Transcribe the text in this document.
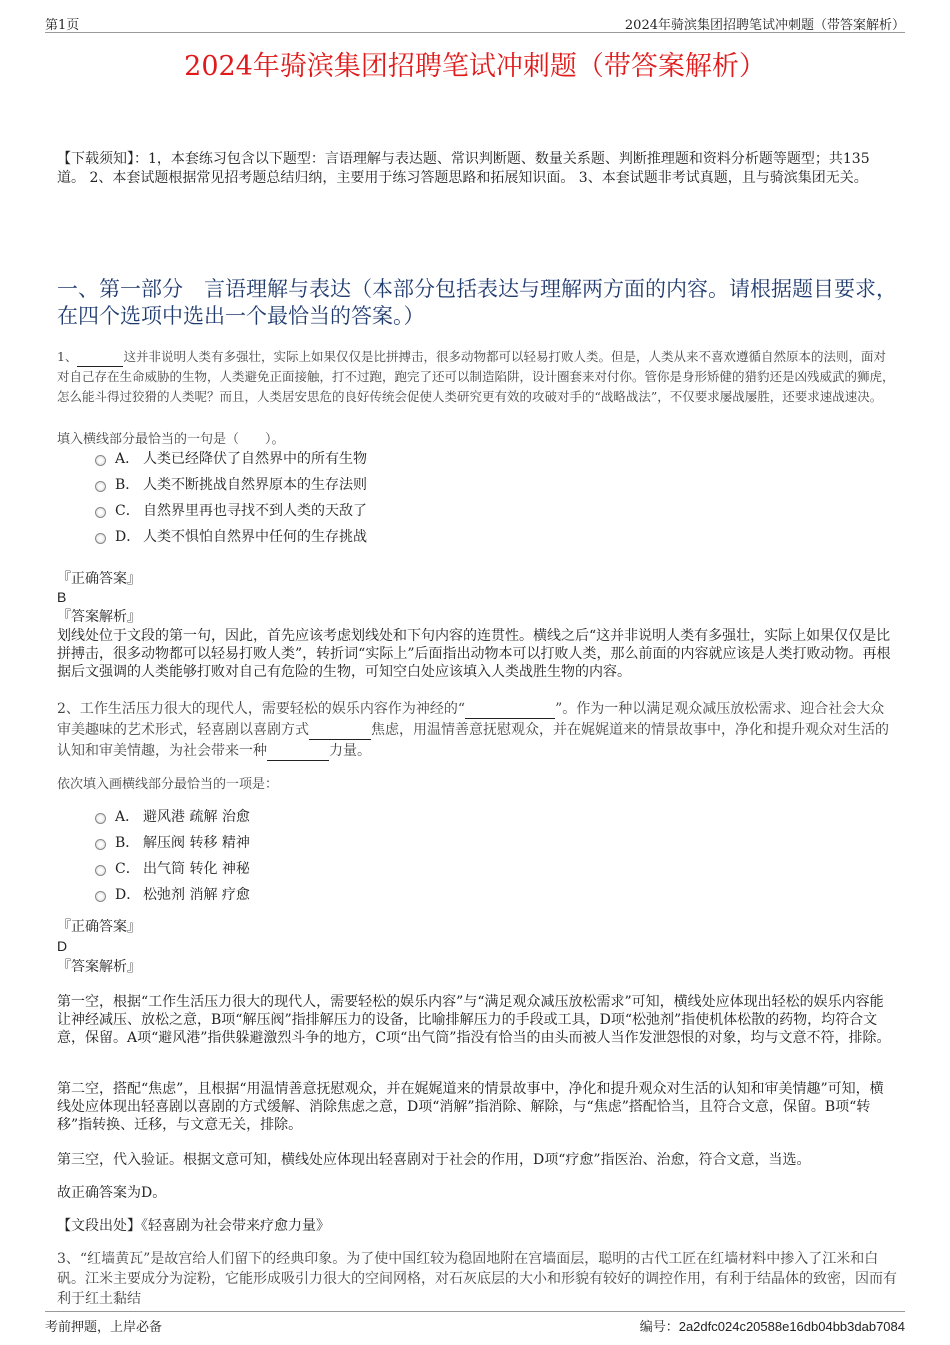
第1页	2024年骑滨集团招聘笔试冲刺题（带答案解析）
2024年骑滨集团招聘笔试冲刺题（带答案解析）
【下载须知】：1，本套练习包含以下题型：言语理解与表达题、常识判断题、数量关系题、判断推理题和资料分析题等题型；共135道。 2、本套试题根据常见招考题总结归纳，主要用于练习答题思路和拓展知识面。 3、本套试题非考试真题，且与骑滨集团无关。
一、第一部分　言语理解与表达（本部分包括表达与理解两方面的内容。请根据题目要求，在四个选项中选出一个最恰当的答案。）
1、	这并非说明人类有多强壮，实际上如果仅仅是比拼搏击，很多动物都可以轻易打败人类。但是，人类从来不喜欢遵循自然原本的法则，面对对自己存在生命威胁的生物，人类避免正面接触，打不过跑，跑完了还可以制造陷阱，设计圈套来对付你。管你是身形矫健的猎豹还是凶残威武的狮虎，怎么能斗得过狡猾的人类呢？而且，人类居安思危的良好传统会促使人类研究更有效的攻破对手的“战略战法”，不仅要求屡战屡胜，还要求速战速决。
填入横线部分最恰当的一句是（　　）。
A． 人类已经降伏了自然界中的所有生物
B． 人类不断挑战自然界原本的生存法则
C． 自然界里再也寻找不到人类的天敌了
D． 人类不惧怕自然界中任何的生存挑战
『正确答案』
B
『答案解析』
划线处位于文段的第一句，因此，首先应该考虑划线处和下句内容的连贯性。横线之后“这并非说明人类有多强壮，实际上如果仅仅是比拼搏击，很多动物都可以轻易打败人类”，转折词“实际上”后面指出动物本可以打败人类，那么前面的内容就应该是人类打败动物。再根据后文强调的人类能够打败对自己有危险的生物，可知空白处应该填入人类战胜生物的内容。
2、工作生活压力很大的现代人，需要轻松的娱乐内容作为神经的“	”。作为一种以满足观众减压放松需求、迎合社会大众审美趣味的艺术形式，轻喜剧以喜剧方式	焦虑，用温情善意抚慰观众，并在娓娓道来的情景故事中，净化和提升观众对生活的认知和审美情趣，为社会带来一种	力量。
依次填入画横线部分最恰当的一项是：
A． 避风港 疏解 治愈
B． 解压阀 转移 精神
C． 出气筒 转化 神秘
D． 松弛剂 消解 疗愈
『正确答案』
D
『答案解析』
第一空，根据“工作生活压力很大的现代人，需要轻松的娱乐内容”与“满足观众减压放松需求”可知，横线处应体现出轻松的娱乐内容能让神经减压、放松之意，B项“解压阀”指排解压力的设备，比喻排解压力的手段或工具，D项“松弛剂”指使机体松散的药物，均符合文意，保留。A项“避风港”指供躲避激烈斗争的地方，C项“出气筒”指没有恰当的由头而被人当作发泄怨恨的对象，均与文意不符，排除。
第二空，搭配“焦虑”，且根据“用温情善意抚慰观众，并在娓娓道来的情景故事中，净化和提升观众对生活的认知和审美情趣”可知，横线处应体现出轻喜剧以喜剧的方式缓解、消除焦虑之意，D项“消解”指消除、解除，与“焦虑”搭配恰当，且符合文意，保留。B项“转移”指转换、迁移，与文意无关，排除。
第三空，代入验证。根据文意可知，横线处应体现出轻喜剧对于社会的作用，D项“疗愈”指医治、治愈，符合文意，当选。
故正确答案为D。
【文段出处】《轻喜剧为社会带来疗愈力量》
3、“红墙黄瓦”是故宫给人们留下的经典印象。为了使中国红较为稳固地附在宫墙面层，聪明的古代工匠在红墙材料中掺入了江米和白矾。江米主要成分为淀粉，它能形成吸引力很大的空间网格，对石灰底层的大小和形貌有较好的调控作用，有利于结晶体的致密，因而有利于红土黏结
考前押题，上岸必备	编号：2a2dfc024c20588e16db04bb3dab7084
